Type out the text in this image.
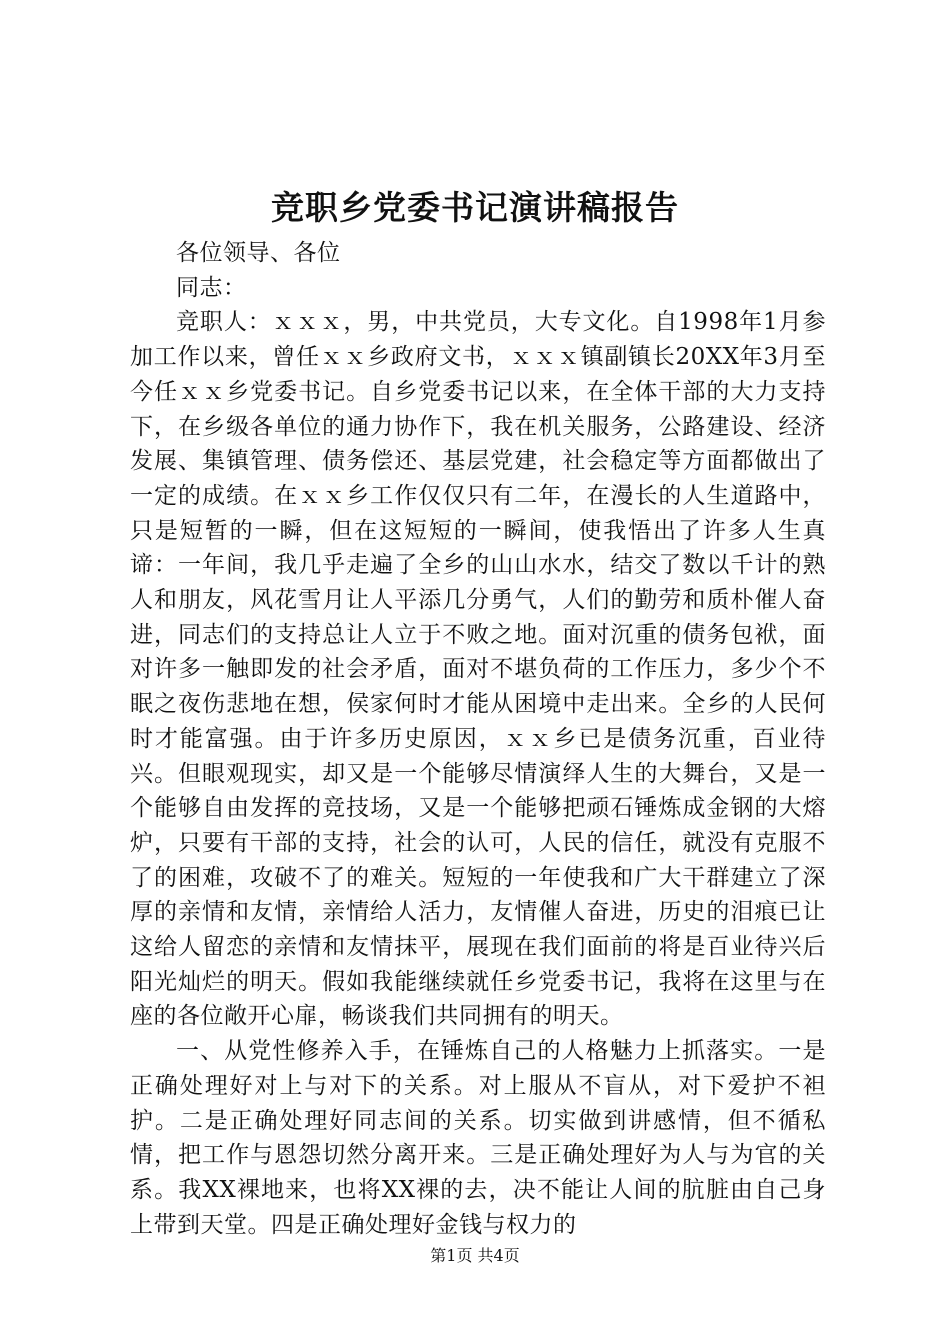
竞职乡党委书记演讲稿报告

各位领导、各位

同志：

竞职人：ｘｘｘ，男，中共党员，大专文化。自1998年1月参加工作以来，曾任ｘｘ乡政府文书，ｘｘｘ镇副镇长20XX年3月至今任ｘｘ乡党委书记。自乡党委书记以来，在全体干部的大力支持下，在乡级各单位的通力协作下，我在机关服务，公路建设、经济发展、集镇管理、债务偿还、基层党建，社会稳定等方面都做出了一定的成绩。在ｘｘ乡工作仅仅只有二年，在漫长的人生道路中，只是短暂的一瞬，但在这短短的一瞬间，使我悟出了许多人生真谛：一年间，我几乎走遍了全乡的山山水水，结交了数以千计的熟人和朋友，风花雪月让人平添几分勇气，人们的勤劳和质朴催人奋进，同志们的支持总让人立于不败之地。面对沉重的债务包袱，面对许多一触即发的社会矛盾，面对不堪负荷的工作压力，多少个不眠之夜伤悲地在想，侯家何时才能从困境中走出来。全乡的人民何时才能富强。由于许多历史原因，ｘｘ乡已是债务沉重，百业待兴。但眼观现实，却又是一个能够尽情演绎人生的大舞台，又是一个能够自由发挥的竞技场，又是一个能够把顽石锤炼成金钢的大熔炉，只要有干部的支持，社会的认可，人民的信任，就没有克服不了的困难，攻破不了的难关。短短的一年使我和广大干群建立了深厚的亲情和友情，亲情给人活力，友情催人奋进，历史的泪痕已让这给人留恋的亲情和友情抹平，展现在我们面前的将是百业待兴后阳光灿烂的明天。假如我能继续就任乡党委书记，我将在这里与在座的各位敞开心扉，畅谈我们共同拥有的明天。

一、从党性修养入手，在锤炼自己的人格魅力上抓落实。一是正确处理好对上与对下的关系。对上服从不盲从，对下爱护不袒护。二是正确处理好同志间的关系。切实做到讲感情，但不循私情，把工作与恩怨切然分离开来。三是正确处理好为人与为官的关系。我XX裸地来，也将XX裸的去，决不能让人间的肮脏由自己身上带到天堂。四是正确处理好金钱与权力的

第1页 共4页
